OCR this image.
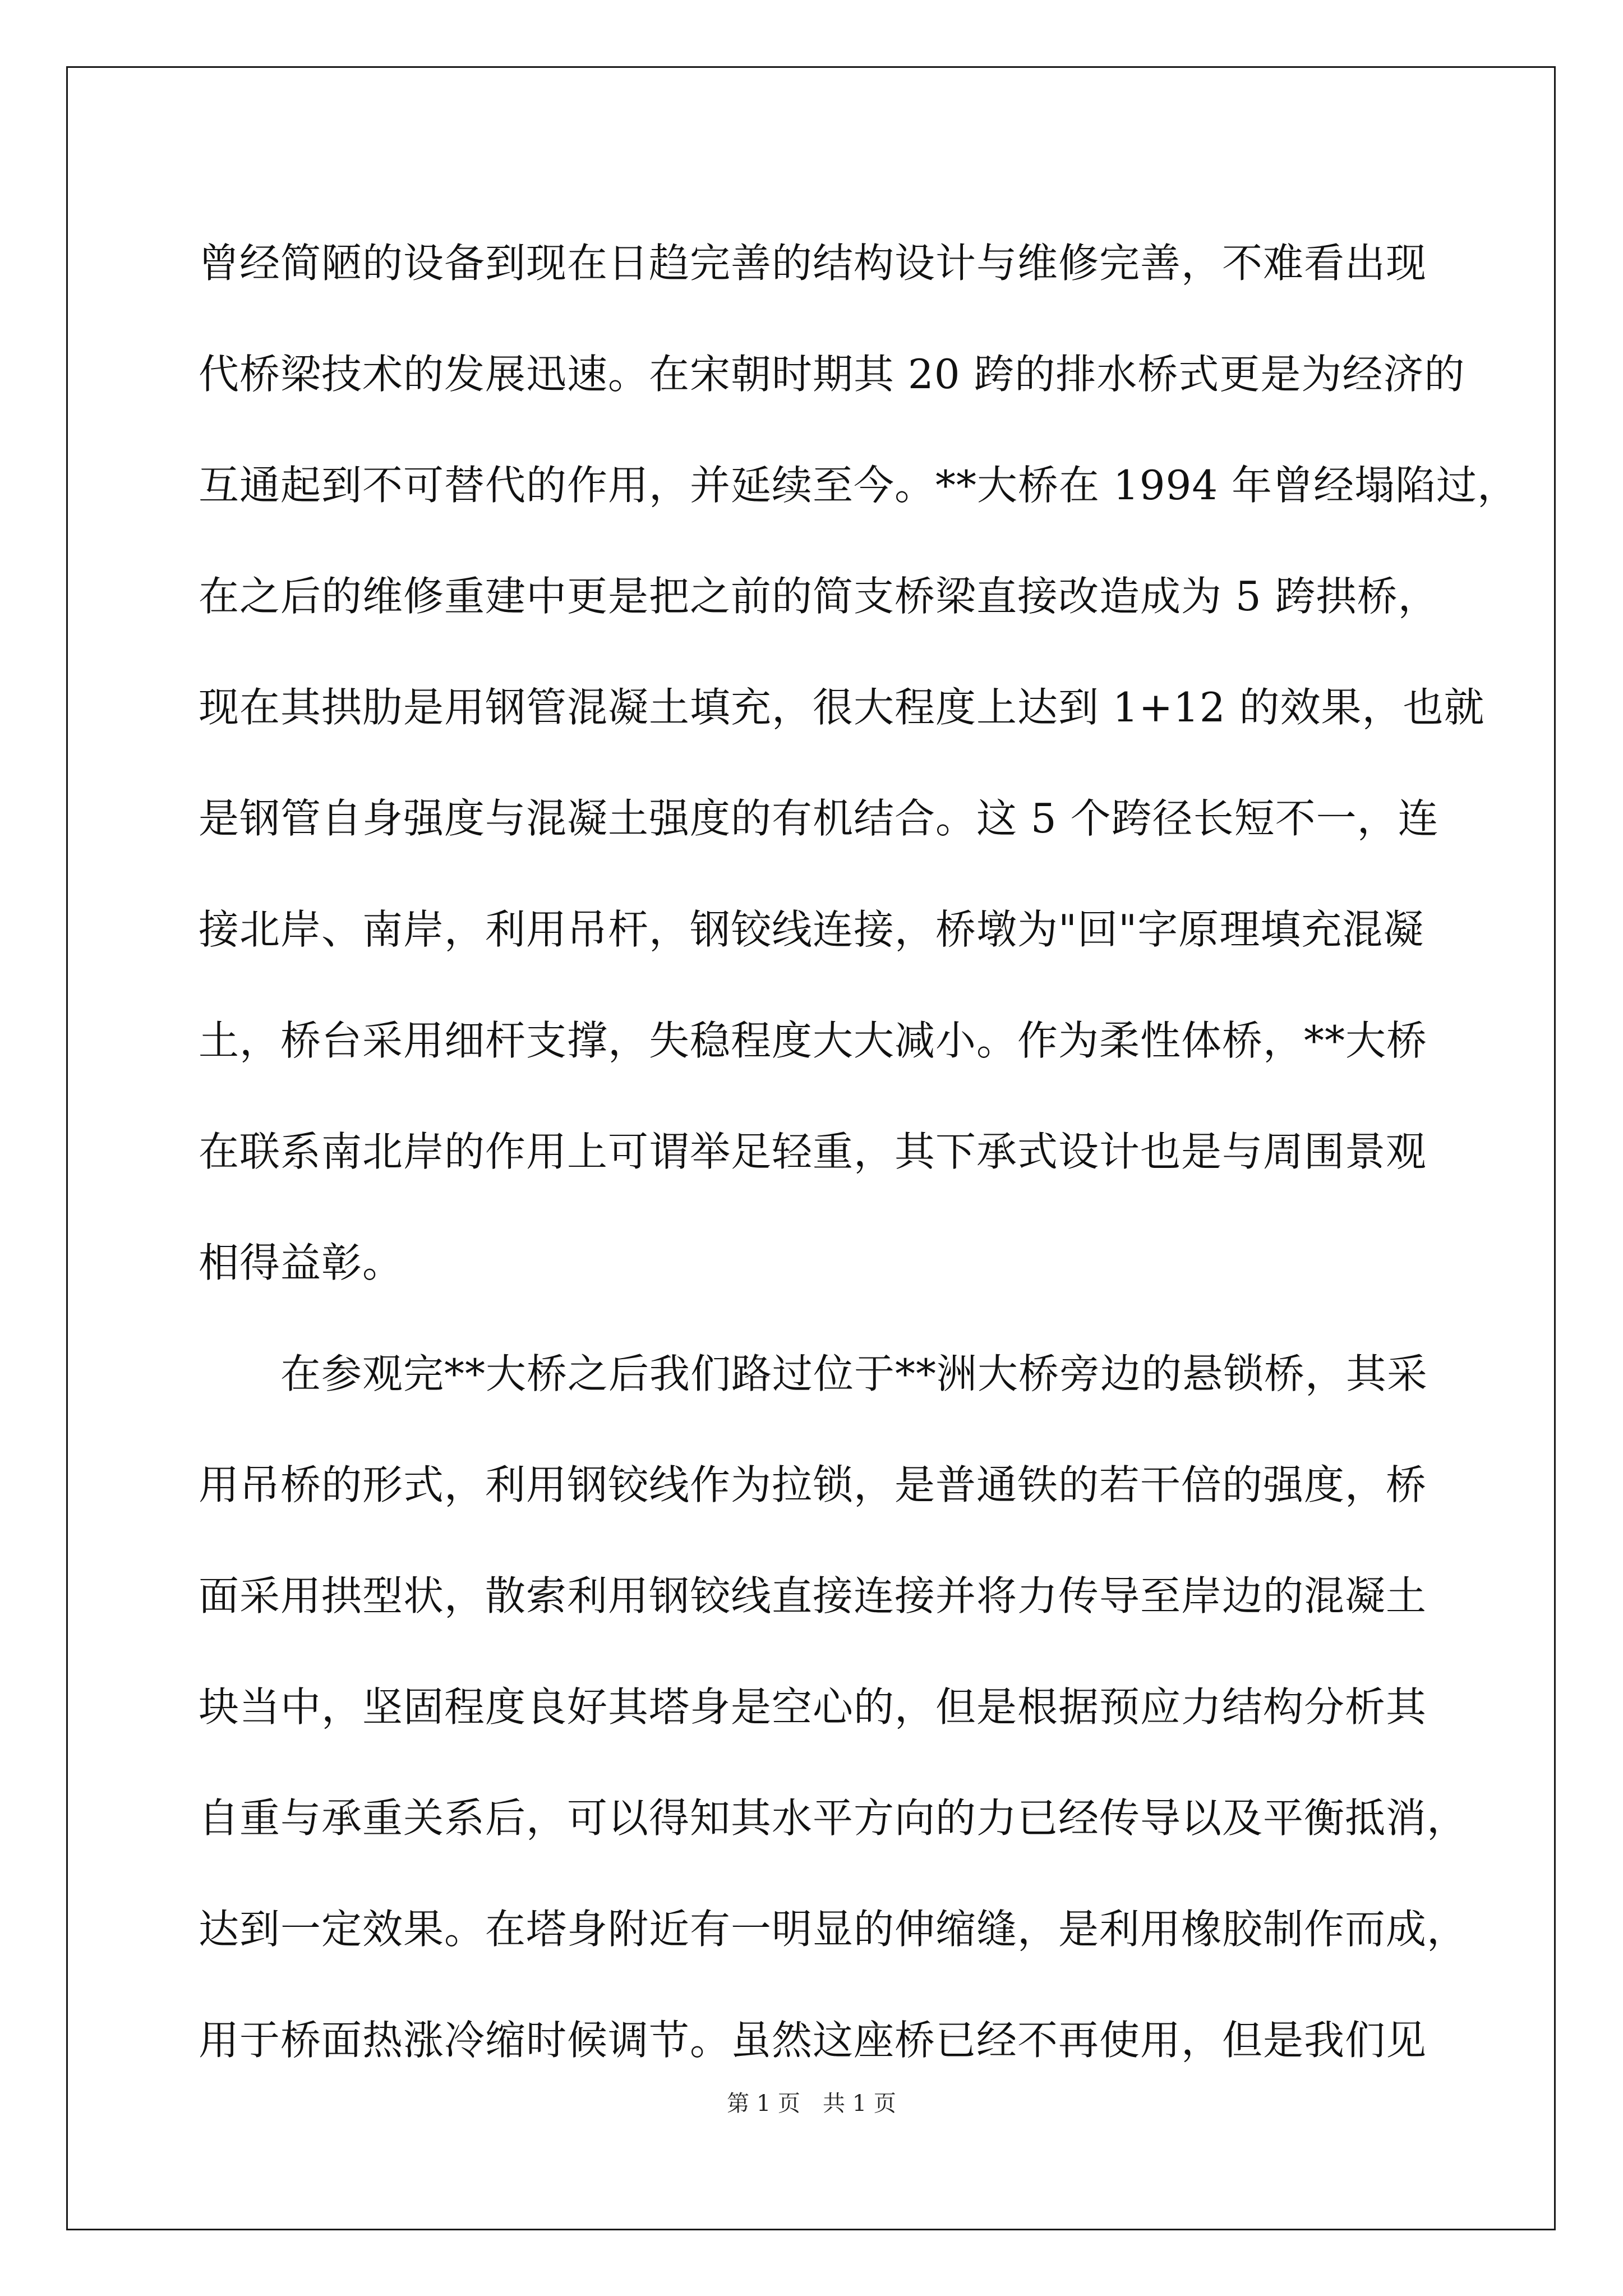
曾经简陋的设备到现在日趋完善的结构设计与维修完善，不难看出现
代桥梁技术的发展迅速。在宋朝时期其 20 跨的排水桥式更是为经济的
互通起到不可替代的作用，并延续至今。**大桥在 1994 年曾经塌陷过，
在之后的维修重建中更是把之前的简支桥梁直接改造成为 5 跨拱桥，
现在其拱肋是用钢管混凝土填充，很大程度上达到 1+12 的效果，也就
是钢管自身强度与混凝土强度的有机结合。这 5 个跨径长短不一，连
接北岸、南岸，利用吊杆，钢铰线连接，桥墩为"回"字原理填充混凝
土，桥台采用细杆支撑，失稳程度大大减小。作为柔性体桥，**大桥
在联系南北岸的作用上可谓举足轻重，其下承式设计也是与周围景观
相得益彰。
　　在参观完**大桥之后我们路过位于**洲大桥旁边的悬锁桥，其采
用吊桥的形式，利用钢铰线作为拉锁，是普通铁的若干倍的强度，桥
面采用拱型状，散索利用钢铰线直接连接并将力传导至岸边的混凝土
块当中，坚固程度良好其塔身是空心的，但是根据预应力结构分析其
自重与承重关系后，可以得知其水平方向的力已经传导以及平衡抵消，
达到一定效果。在塔身附近有一明显的伸缩缝，是利用橡胶制作而成，
用于桥面热涨冷缩时候调节。虽然这座桥已经不再使用，但是我们见
第 1 页　共 1 页
